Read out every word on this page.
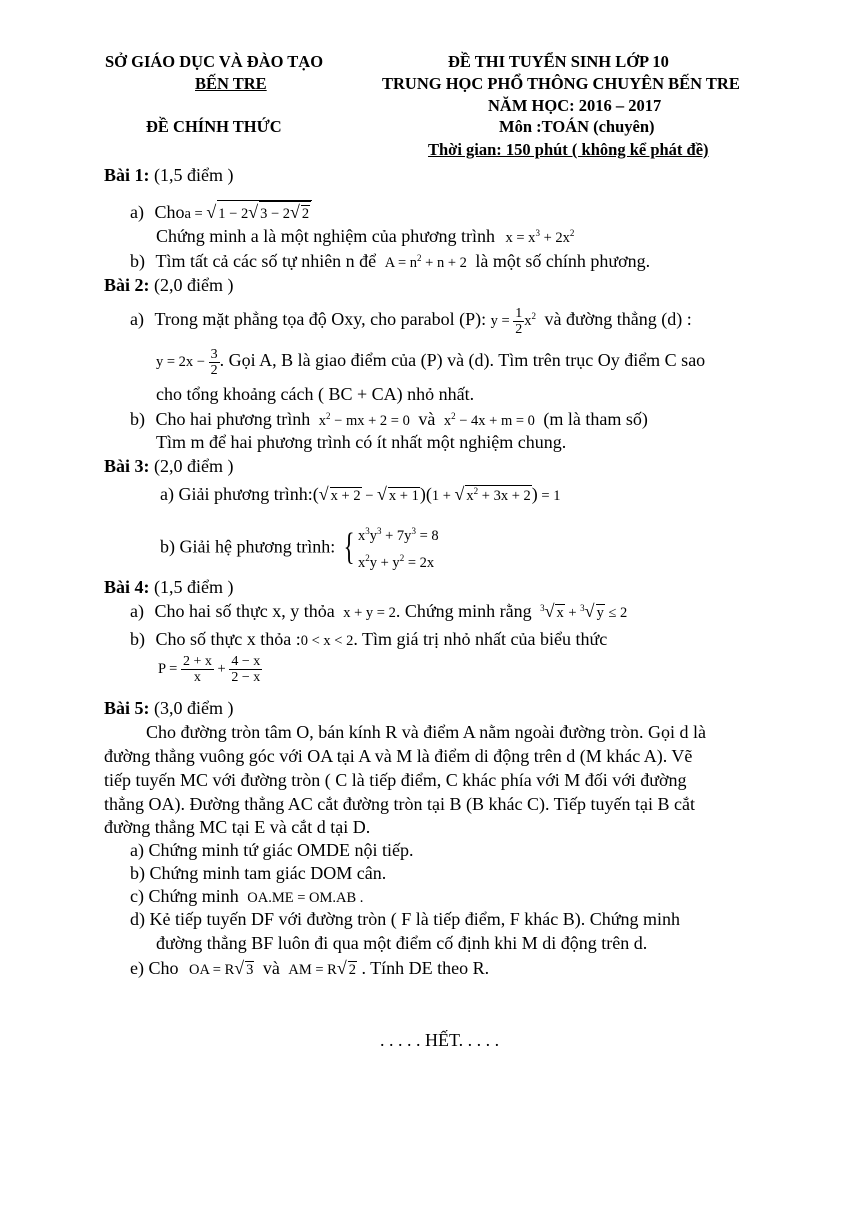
SỞ GIÁO DỤC VÀ ĐÀO TẠO
BẾN TRE
ĐỀ CHÍNH THỨC
ĐỀ THI TUYỂN SINH LỚP 10
TRUNG HỌC PHỔ THÔNG CHUYÊN BẾN TRE
NĂM HỌC: 2016 – 2017
Môn :TOÁN (chuyên)
Thời gian: 150 phút ( không kể phát đề)
Bài 1: (1,5 điểm )
a) Choa = √ 1 − 2√ 3 − 2√ 2
Chứng minh a là một nghiệm của phương trình $x = x^3 + 2x^2$
b) Tìm tất cả các số tự nhiên n để $A = n^2 + n + 2$ là một số chính phương.
Bài 2: (2,0 điểm )
a) Trong mặt phẳng tọa độ Oxy, cho parabol (P): $y = \frac{1}{2} x^2$ và đường thẳng (d) :
$y = 2x - \frac{3}{2}$ . Gọi A, B là giao điểm của (P) và (d). Tìm trên trục Oy điểm C sao
cho tổng khoảng cách ( BC + CA) nhỏ nhất.
b) Cho hai phương trình $x^2$ − mx + 2 = 0 và $x^2 - 4x + m = 0$ (m là tham số)
Tìm m để hai phương trình có ít nhất một nghiệm chung.
Bài 3: (2,0 điểm )
a) Giải phương trình:(√ x + 2 − √ x + 1)(1 + √ $x^2 + 3x + 2) = 1$
b) Giải hệ phương trình: { $x^3y^3 + 7y^3 = 8$
$x^2y + y^2 = 2x$
Bài 4: (1,5 điểm )
a) Cho hai số thực x, y thỏa x + y = 2. Chứng minh rằng $^3$√ x + $^3$√ y ≤ 2
b) Cho số thực x thỏa :0 < x < 2. Tìm giá trị nhỏ nhất của biểu thức
$P = \frac{2 + x}{x} + \frac{4 - x}{2 - x}$
Bài 5: (3,0 điểm )
Cho đường tròn tâm O, bán kính R và điểm A nằm ngoài đường tròn. Gọi d là
đường thẳng vuông góc với OA tại A và M là điểm di động trên d (M khác A). Vẽ
tiếp tuyến MC với đường tròn ( C là tiếp điểm, C khác phía với M đối với đường
thẳng OA). Đường thẳng AC cắt đường tròn tại B (B khác C). Tiếp tuyến tại B cắt
đường thẳng MC tại E và cắt d tại D.
a) Chứng minh tứ giác OMDE nội tiếp.
b) Chứng minh tam giác DOM cân.
c) Chứng minh OA.ME = OM.AB .
d) Kẻ tiếp tuyến DF với đường tròn ( F là tiếp điểm, F khác B). Chứng minh
đường thẳng BF luôn đi qua một điểm cố định khi M di động trên d.
e) Cho OA = R√ 3 và AM = R√ 2 . Tính DE theo R.
. . . . . HẾT. . . . .
